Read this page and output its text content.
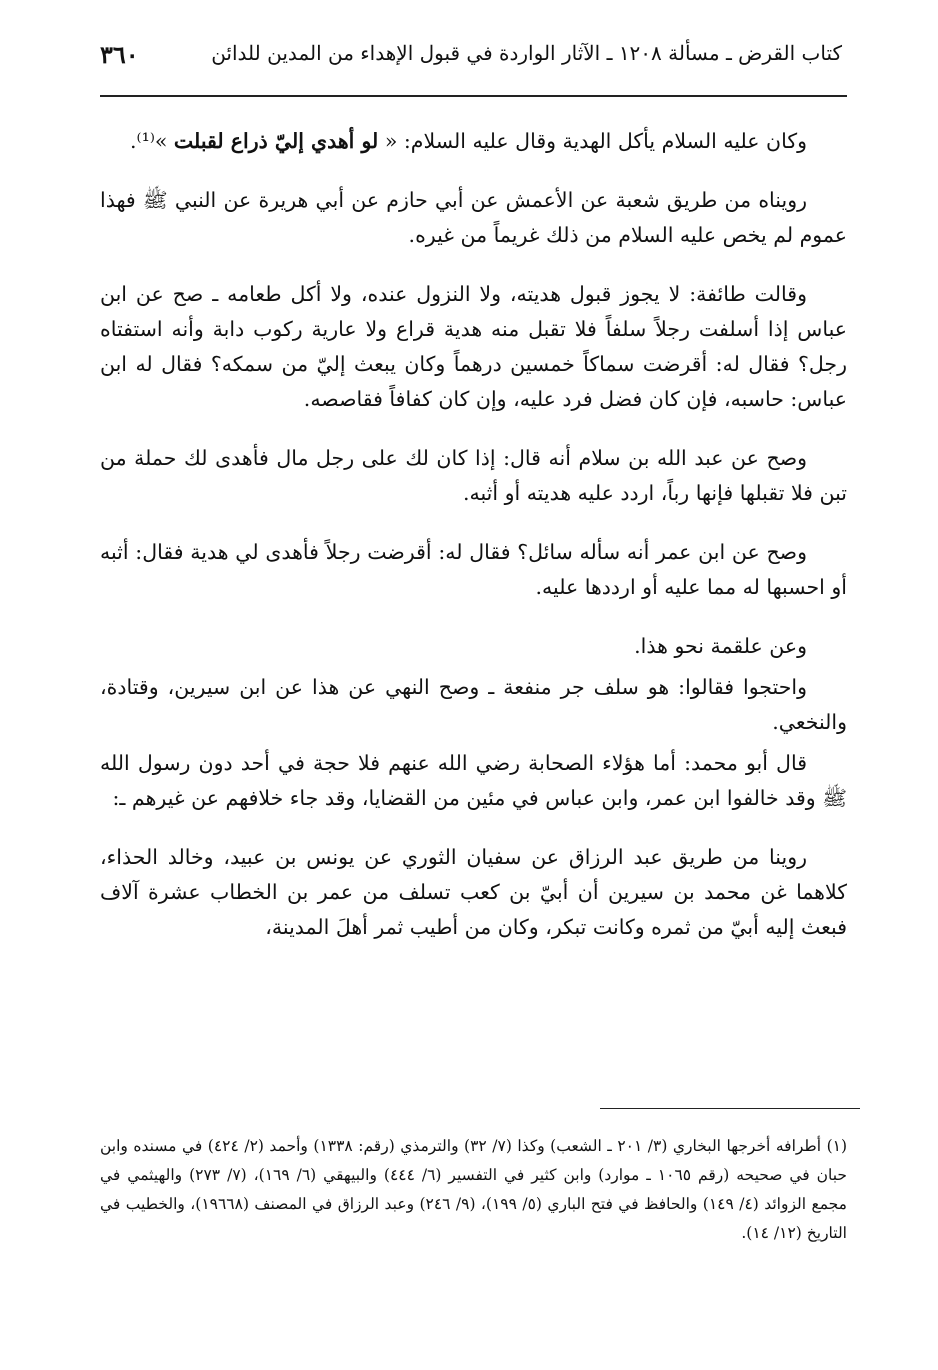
كتاب القرض ـ مسألة ١٢٠٨ ـ الآثار الواردة في قبول الإهداء من المدين للدائن
٣٦٠

وكان عليه السلام يأكل الهدية وقال عليه السلام: « لو أهدي إليّ ذراع لقبلت »⁽¹⁾.

رويناه من طريق شعبة عن الأعمش عن أبي حازم عن أبي هريرة عن النبي ﷺ فهذا عموم لم يخص عليه السلام من ذلك غريماً من غيره.

وقالت طائفة: لا يجوز قبول هديته، ولا النزول عنده، ولا أكل طعامه ـ صح عن ابن عباس إذا أسلفت رجلاً سلفاً فلا تقبل منه هدية قراع ولا عارية ركوب دابة وأنه استفتاه رجل؟ فقال له: أقرضت سماكاً خمسين درهماً وكان يبعث إليّ من سمكه؟ فقال له ابن عباس: حاسبه، فإن كان فضل فرد عليه، وإن كان كفافاً فقاصصه.

وصح عن عبد الله بن سلام أنه قال: إذا كان لك على رجل مال فأهدى لك حملة من تبن فلا تقبلها فإنها رباً، اردد عليه هديته أو أثبه.

وصح عن ابن عمر أنه سأله سائل؟ فقال له: أقرضت رجلاً فأهدى لي هدية فقال: أثبه أو احسبها له مما عليه أو ارددها عليه.

وعن علقمة نحو هذا.

واحتجوا فقالوا: هو سلف جر منفعة ـ وصح النهي عن هذا عن ابن سيرين، وقتادة، والنخعي.

قال أبو محمد: أما هؤلاء الصحابة رضي الله عنهم فلا حجة في أحد دون رسول الله ﷺ وقد خالفوا ابن عمر، وابن عباس في مئين من القضايا، وقد جاء خلافهم عن غيرهم ـ:

روينا من طريق عبد الرزاق عن سفيان الثوري عن يونس بن عبيد، وخالد الحذاء، كلاهما غن محمد بن سيرين أن أبيّ بن كعب تسلف من عمر بن الخطاب عشرة آلاف فبعث إليه أبيّ من ثمره وكانت تبكر، وكان من أطيب ثمر أهلَ المدينة،

(١) أطرافه أخرجها البخاري (٣/ ٢٠١ ـ الشعب) وكذا (٧/ ٣٢) والترمذي (رقم: ١٣٣٨) وأحمد (٢/ ٤٢٤) في مسنده وابن حبان في صحيحه (رقم ١٠٦٥ ـ موارد) وابن كثير في التفسير (٦/ ٤٤٤) والبيهقي (٦/ ١٦٩)، (٧/ ٢٧٣) والهيثمي في مجمع الزوائد (٤/ ١٤٩) والحافظ في فتح الباري (٥/ ١٩٩)، (٩/ ٢٤٦) وعبد الرزاق في المصنف (١٩٦٦٨)، والخطيب في التاريخ (١٢/ ١٤).
